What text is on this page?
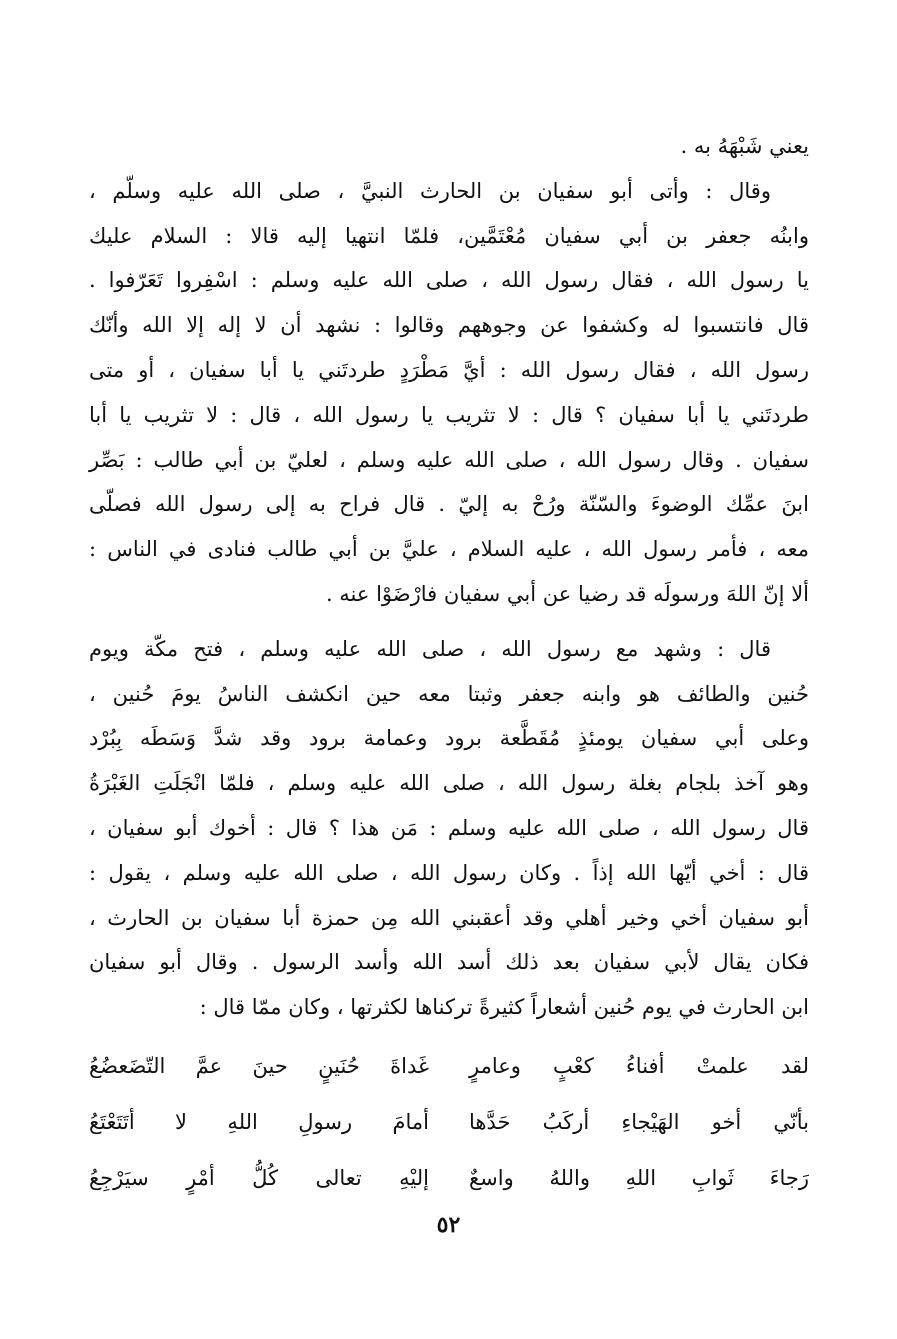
يعني شَبْهَهُ به .
وقال : وأتى أبو سفيان بن الحارث النبيَّ ، صلى الله عليه وسلّم ،
وابنُه جعفر بن أبي سفيان مُعْتَمَّين، فلمّا انتهيا إليه قالا : السلام عليك
يا رسول الله ، فقال رسول الله ، صلى الله عليه وسلم : اسْفِروا تَعَرّفوا .
قال فانتسبوا له وكشفوا عن وجوههم وقالوا : نشهد أن لا إله إلا الله وأنّك
رسول الله ، فقال رسول الله : أيَّ مَطْرَدٍ طردتَني يا أبا سفيان ، أو متى
طردتَني يا أبا سفيان ؟ قال : لا تثريب يا رسول الله ، قال : لا تثريب يا أبا
سفيان . وقال رسول الله ، صلى الله عليه وسلم ، لعليّ بن أبي طالب : بَصِّر
ابنَ عمِّك الوضوءَ والسّنّة ورُحْ به إليّ . قال فراح به إلى رسول الله فصلّى
معه ، فأمر رسول الله ، عليه السلام ، عليَّ بن أبي طالب فنادى في الناس :
ألا إنّ اللهَ ورسولَه قد رضيا عن أبي سفيان فارْضَوْا عنه .
قال : وشهد مع رسول الله ، صلى الله عليه وسلم ، فتح مكّة ويوم
حُنين والطائف هو وابنه جعفر وثبتا معه حين انكشف الناسُ يومَ حُنين ،
وعلى أبي سفيان يومئذٍ مُقَطَّعة برود وعمامة برود وقد شدَّ وَسَطَه بِبُرْد
وهو آخذ بلجام بغلة رسول الله ، صلى الله عليه وسلم ، فلمّا انْجَلَتِ الغَبْرَةُ
قال رسول الله ، صلى الله عليه وسلم : مَن هذا ؟ قال : أخوك أبو سفيان ،
قال : أخي أيّها الله إذاً . وكان رسول الله ، صلى الله عليه وسلم ، يقول :
أبو سفيان أخي وخير أهلي وقد أعقبني الله مِن حمزة أبا سفيان بن الحارث ،
فكان يقال لأبي سفيان بعد ذلك أسد الله وأسد الرسول . وقال أبو سفيان
ابن الحارث في يوم حُنين أشعاراً كثيرةً تركناها لكثرتها ، وكان ممّا قال :
لقد علمتْ أفناءُ كعْبٍ وعامرٍ
غَداةَ حُنَينٍ حينَ عمَّ التّضَعضُعُ
بأنّي أخو الهَيْجاءِ أركَبُ حَدَّها
أمامَ رسولِ اللهِ لا أتَتَعْتَعُ
رَجاءَ ثَوابِ اللهِ واللهُ واسعٌ
إليْهِ تعالى كُلُّ أمْرٍ سيَرْجِعُ
٥٢
